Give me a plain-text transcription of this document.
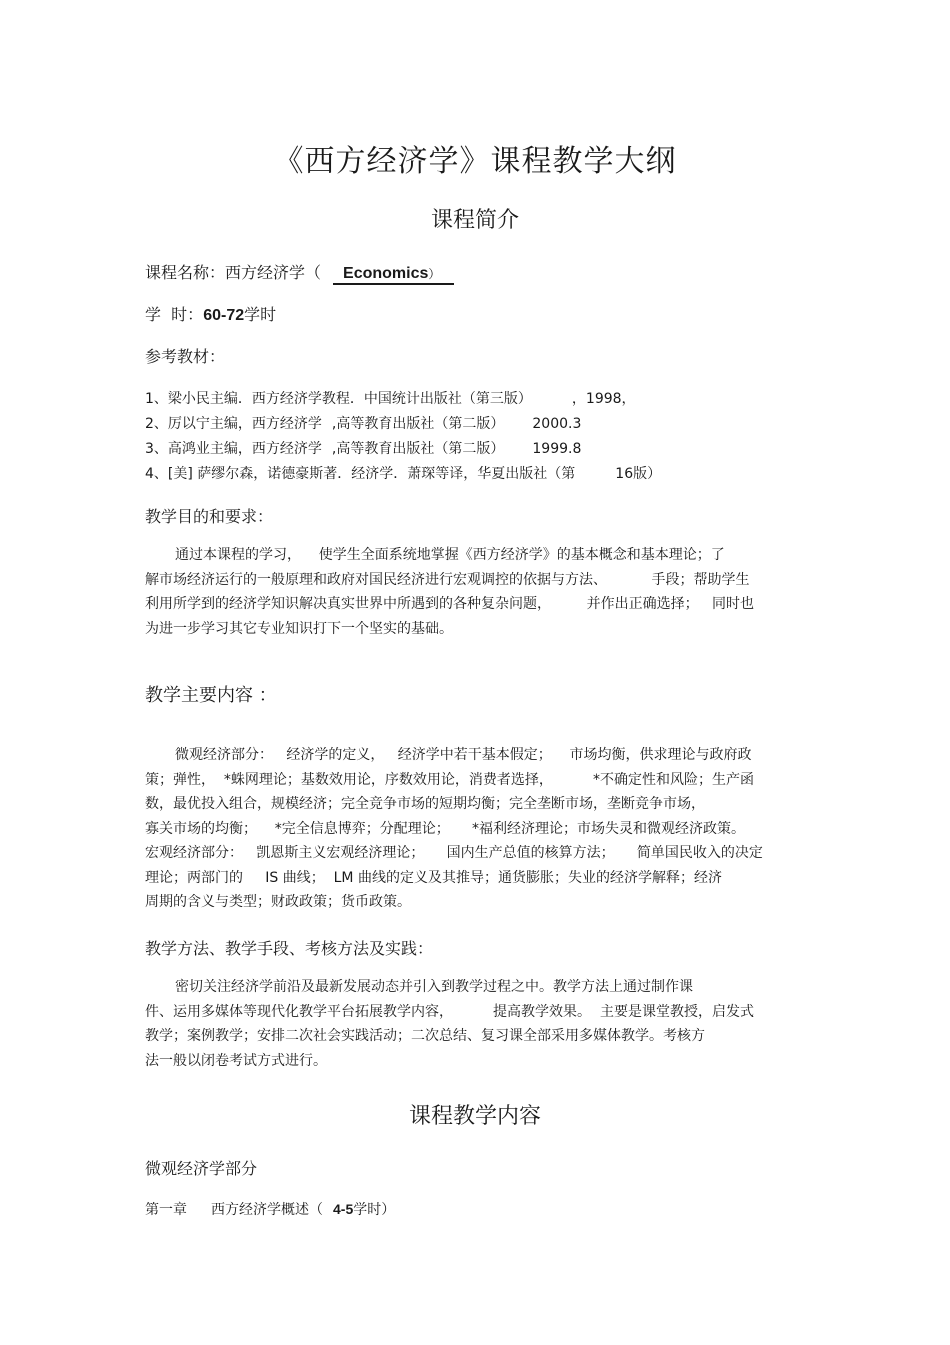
《西方经济学》课程教学大纲
课程简介
课程名称：西方经济学（ Economics）
学  时：60-72学时
参考教材：
1、梁小民主编．西方经济学教程．中国统计出版社（第三版）	，1998，
2、厉以宁主编，西方经济学 ,高等教育出版社（第二版） 2000.3
3、高鸿业主编，西方经济学 ,高等教育出版社（第二版） 1999.8
4、[美] 萨缪尔森，诺德豪斯著．经济学．萧琛等译，华夏出版社（第	16版）
教学目的和要求：
通过本课程的学习，    使学生全面系统地掌握《西方经济学》的基本概念和基本理论；了
解市场经济运行的一般原理和政府对国民经济进行宏观调控的依据与方法、          手段；帮助学生
利用所学到的经济学知识解决真实世界中所遇到的各种复杂问题，        并作出正确选择；   同时也
为进一步学习其它专业知识打下一个坚实的基础。
教学主要内容 ：
微观经济部分：   经济学的定义，   经济学中若干基本假定；    市场均衡，供求理论与政府政
策；弹性，  *蛛网理论；基数效用论，序数效用论，消费者选择，         *不确定性和风险；生产函
数，最优投入组合，规模经济；完全竞争市场的短期均衡；完全垄断市场，垄断竞争市场，
寡关市场的均衡；    *完全信息博弈；分配理论；     *福利经济理论；市场失灵和微观经济政策。
宏观经济部分：   凯恩斯主义宏观经济理论；     国内生产总值的核算方法；     简单国民收入的决定
理论；两部门的     IS 曲线；  LM 曲线的定义及其推导；通货膨胀；失业的经济学解释；经济
周期的含义与类型；财政政策；货币政策。
教学方法、教学手段、考核方法及实践：
密切关注经济学前沿及最新发展动态并引入到教学过程之中。教学方法上通过制作课
件、运用多媒体等现代化教学平台拓展教学内容，         提高教学效果。  主要是课堂教授，启发式
教学；案例教学；安排二次社会实践活动；二次总结、复习课全部采用多媒体教学。考核方
法一般以闭卷考试方式进行。
课程教学内容
微观经济学部分
第一章 西方经济学概述（ 4-5学时）
